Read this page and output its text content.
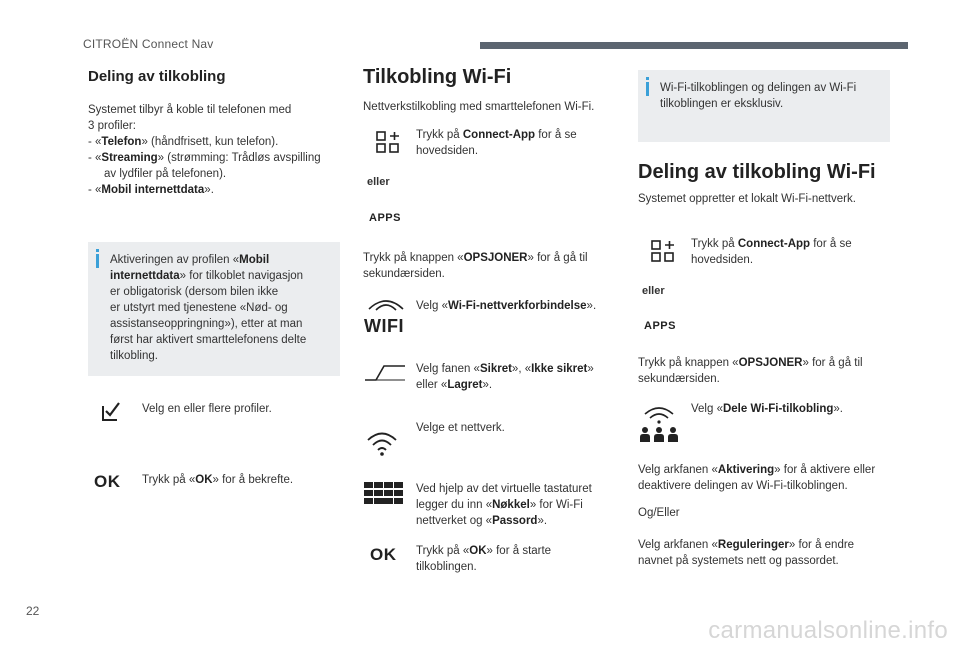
CITROËN Connect Nav
Deling av tilkobling
Systemet tilbyr å koble til telefonen med
3 profiler:
- «Telefon» (håndfrisett, kun telefon).
- «Streaming» (strømming: Trådløs avspilling
av lydfiler på telefonen).
- «Mobil internettdata».
Aktiveringen av profilen «Mobil
internettdata» for tilkoblet navigasjon
er obligatorisk (dersom bilen ikke
er utstyrt med tjenestene «Nød- og
assistanseoppringning»), etter at man
først har aktivert smarttelefonens delte
tilkobling.
Velg en eller flere profiler.
OK Trykk på «OK» for å bekrefte.
Tilkobling Wi-Fi
Nettverkstilkobling med smarttelefonen Wi-Fi.
Trykk på Connect-App for å se
hovedsiden.
eller
APPS
Trykk på knappen «OPSJONER» for å gå til
sekundærsiden.
WIFI
Velg «Wi-Fi-nettverkforbindelse».
Velg fanen «Sikret», «Ikke sikret»
eller «Lagret».
Velge et nettverk.
Ved hjelp av det virtuelle tastaturet
legger du inn «Nøkkel» for Wi-Fi
nettverket og «Passord».
OK Trykk på «OK» for å starte
tilkoblingen.
Wi-Fi-tilkoblingen og delingen av Wi-Fi
tilkoblingen er eksklusiv.
Deling av tilkobling Wi-Fi
Systemet oppretter et lokalt Wi-Fi-nettverk.
Trykk på Connect-App for å se
hovedsiden.
eller
APPS
Trykk på knappen «OPSJONER» for å gå til
sekundærsiden.
Velg «Dele Wi-Fi-tilkobling».
Velg arkfanen «Aktivering» for å aktivere eller
deaktivere delingen av Wi-Fi-tilkoblingen.
Og/Eller
Velg arkfanen «Reguleringer» for å endre
navnet på systemets nett og passordet.
22
carmanualsonline.info
